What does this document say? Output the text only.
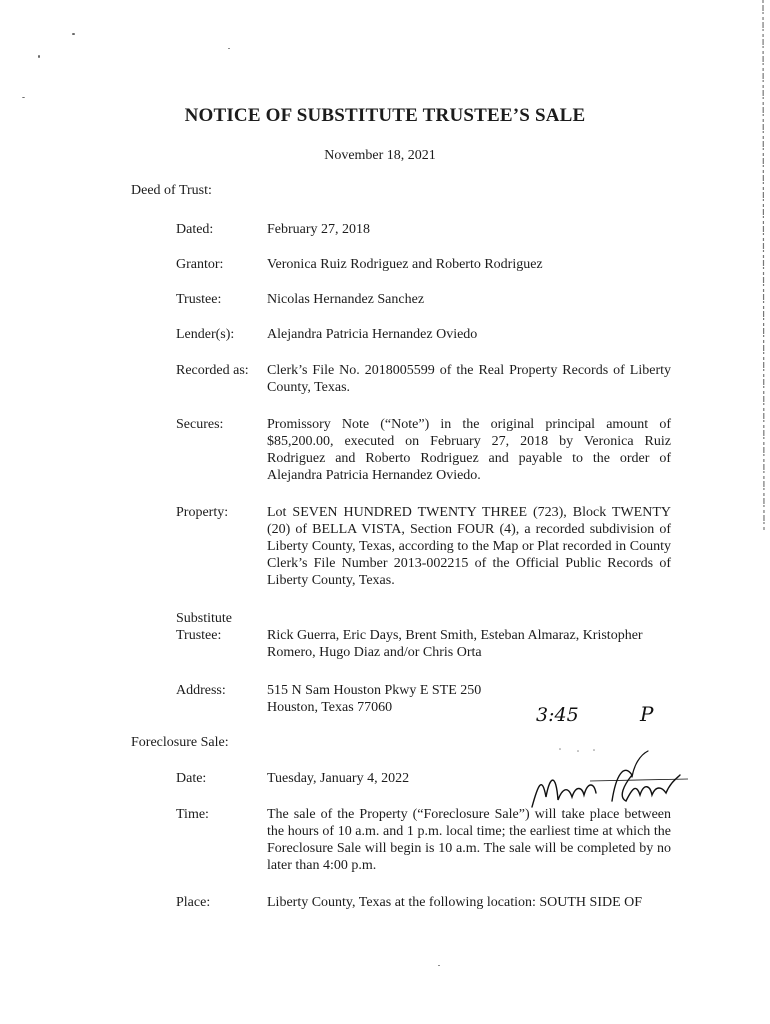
NOTICE OF SUBSTITUTE TRUSTEE’S SALE
November 18, 2021
Deed of Trust:
Dated:	February 27, 2018
Grantor:	Veronica Ruiz Rodriguez and Roberto Rodriguez
Trustee:	Nicolas Hernandez Sanchez
Lender(s): Alejandra Patricia Hernandez Oviedo
Recorded as: Clerk’s File No. 2018005599 of the Real Property Records of Liberty County, Texas.
Secures:	Promissory Note (“Note”) in the original principal amount of $85,200.00, executed on February 27, 2018 by Veronica Ruiz Rodriguez and Roberto Rodriguez and payable to the order of Alejandra Patricia Hernandez Oviedo.
Property:	Lot SEVEN HUNDRED TWENTY THREE (723), Block TWENTY (20) of BELLA VISTA, Section FOUR (4), a recorded subdivision of Liberty County, Texas, according to the Map or Plat recorded in County Clerk’s File Number 2013-002215 of the Official Public Records of Liberty County, Texas.
Substitute
Trustee:	Rick Guerra, Eric Days, Brent Smith, Esteban Almaraz, Kristopher Romero, Hugo Diaz and/or Chris Orta
Address:	515 N Sam Houston Pkwy E STE 250
Houston, Texas 77060	3:45	P
Foreclosure Sale:
Date:	Tuesday, January 4, 2022
Time:	The sale of the Property (“Foreclosure Sale”) will take place between the hours of 10 a.m. and 1 p.m. local time; the earliest time at which the Foreclosure Sale will begin is 10 a.m. The sale will be completed by no later than 4:00 p.m.
Place:	Liberty County, Texas at the following location: SOUTH SIDE OF
